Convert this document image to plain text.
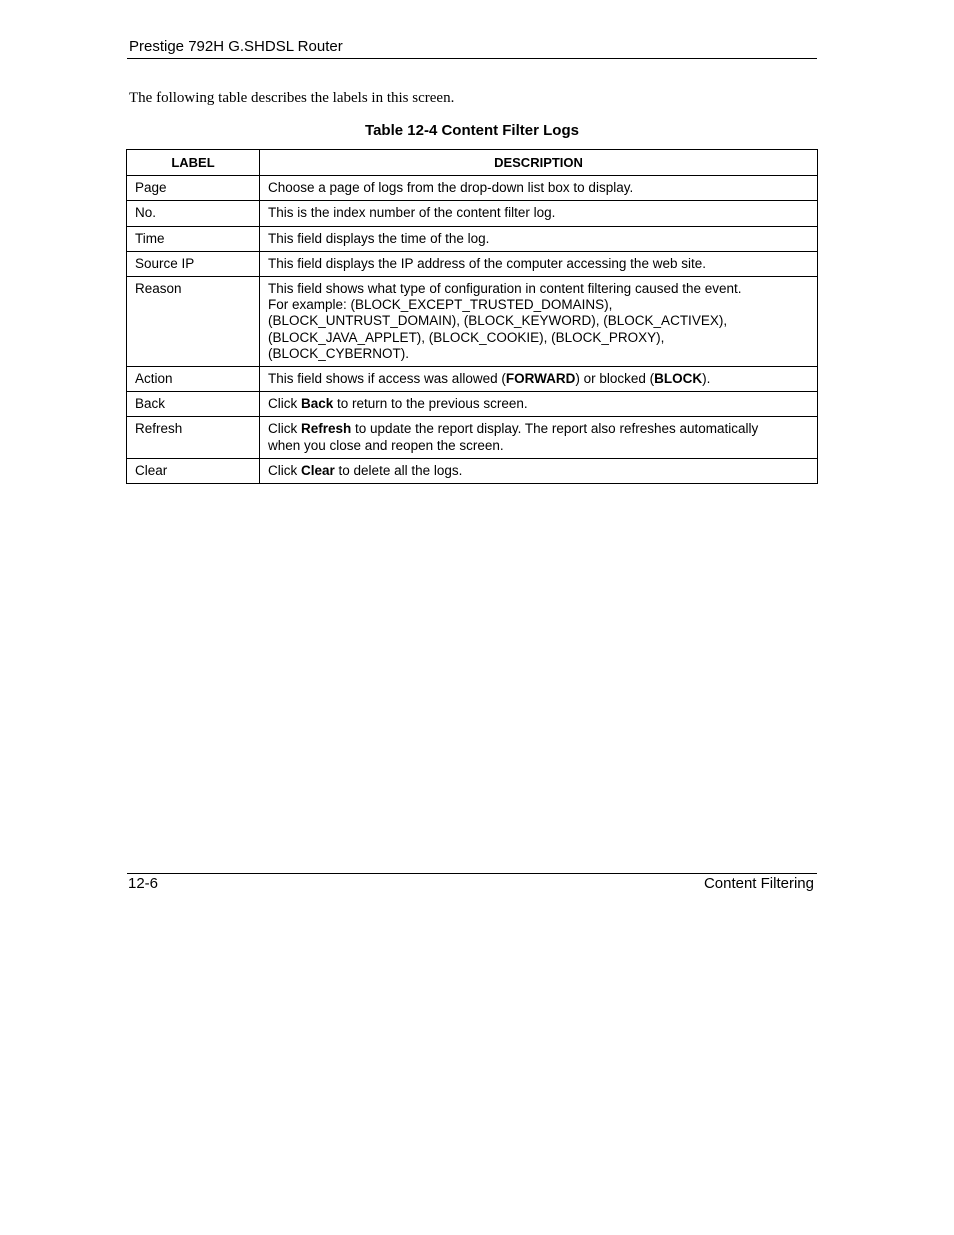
Prestige 792H G.SHDSL Router
The following table describes the labels in this screen.
Table 12-4 Content Filter Logs
LABEL	DESCRIPTION
Page	Choose a page of logs from the drop-down list box to display.
No.	This is the index number of the content filter log.
Time	This field displays the time of the log.
Source IP	This field displays the IP address of the computer accessing the web site.
Reason	This field shows what type of configuration in content filtering caused the event.
For example: (BLOCK_EXCEPT_TRUSTED_DOMAINS),
(BLOCK_UNTRUST_DOMAIN), (BLOCK_KEYWORD), (BLOCK_ACTIVEX),
(BLOCK_JAVA_APPLET), (BLOCK_COOKIE), (BLOCK_PROXY),
(BLOCK_CYBERNOT).

Action	This field shows if access was allowed (FORWARD) or blocked (BLOCK).
Back	Click Back to return to the previous screen.
Refresh	Click Refresh to update the report display. The report also refreshes automatically
when you close and reopen the screen.

Clear	Click Clear to delete all the logs.
12-6	Content Filtering
